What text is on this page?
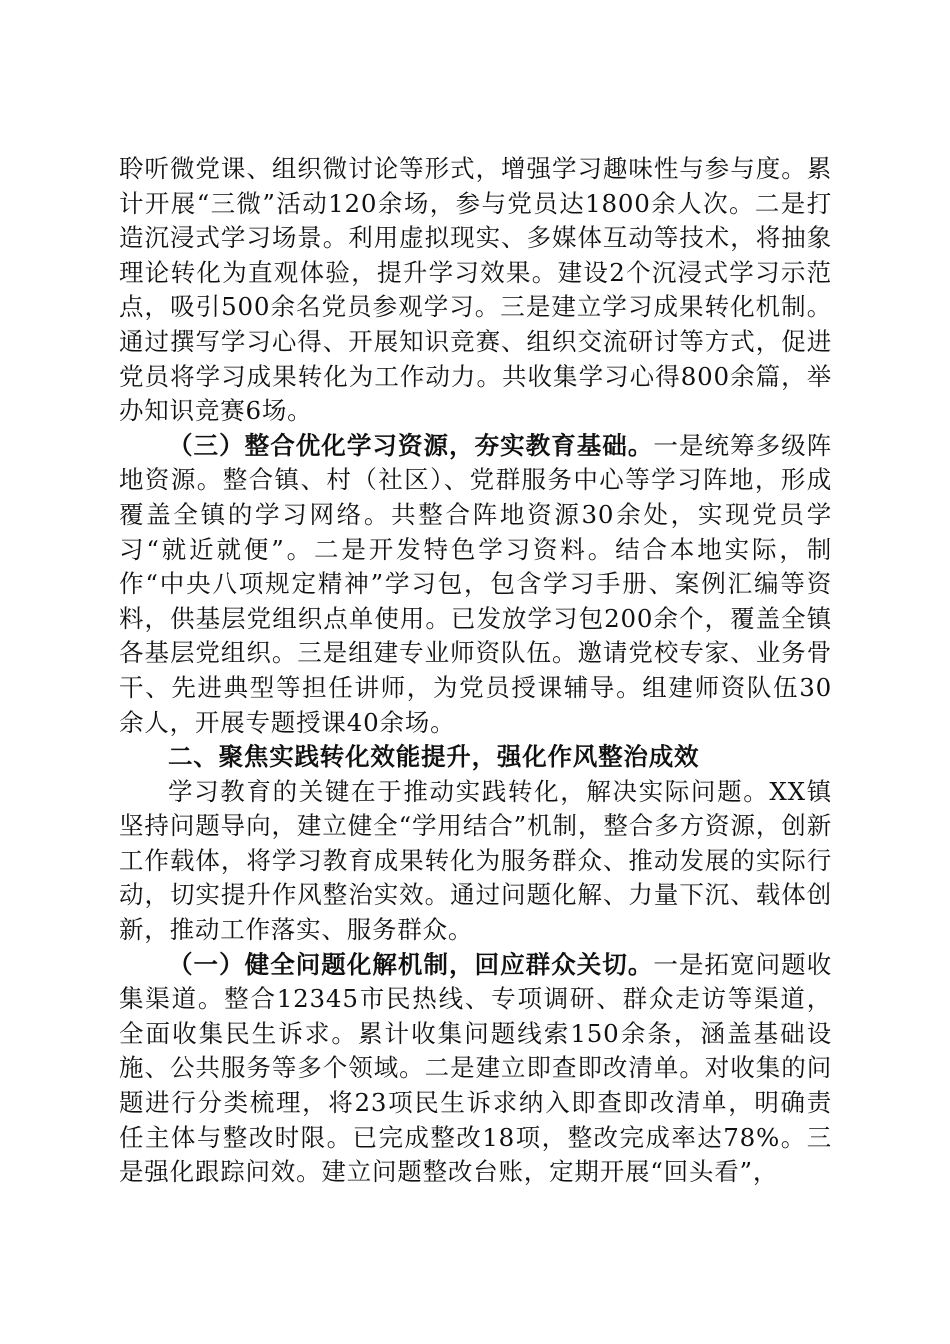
聆听微党课、组织微讨论等形式，增强学习趣味性与参与度。累计开展“三微”活动120余场，参与党员达1800余人次。二是打造沉浸式学习场景。利用虚拟现实、多媒体互动等技术，将抽象理论转化为直观体验，提升学习效果。建设2个沉浸式学习示范点，吸引500余名党员参观学习。三是建立学习成果转化机制。通过撰写学习心得、开展知识竞赛、组织交流研讨等方式，促进党员将学习成果转化为工作动力。共收集学习心得800余篇，举办知识竞赛6场。

（三）整合优化学习资源，夯实教育基础。一是统筹多级阵地资源。整合镇、村（社区）、党群服务中心等学习阵地，形成覆盖全镇的学习网络。共整合阵地资源30余处，实现党员学习“就近就便”。二是开发特色学习资料。结合本地实际，制作“中央八项规定精神”学习包，包含学习手册、案例汇编等资料，供基层党组织点单使用。已发放学习包200余个，覆盖全镇各基层党组织。三是组建专业师资队伍。邀请党校专家、业务骨干、先进典型等担任讲师，为党员授课辅导。组建师资队伍30余人，开展专题授课40余场。

二、聚焦实践转化效能提升，强化作风整治成效

学习教育的关键在于推动实践转化，解决实际问题。XX镇坚持问题导向，建立健全“学用结合”机制，整合多方资源，创新工作载体，将学习教育成果转化为服务群众、推动发展的实际行动，切实提升作风整治实效。通过问题化解、力量下沉、载体创新，推动工作落实、服务群众。

（一）健全问题化解机制，回应群众关切。一是拓宽问题收集渠道。整合12345市民热线、专项调研、群众走访等渠道，全面收集民生诉求。累计收集问题线索150余条，涵盖基础设施、公共服务等多个领域。二是建立即查即改清单。对收集的问题进行分类梳理，将23项民生诉求纳入即查即改清单，明确责任主体与整改时限。已完成整改18项，整改完成率达78%。三是强化跟踪问效。建立问题整改台账，定期开展“回头看”，
